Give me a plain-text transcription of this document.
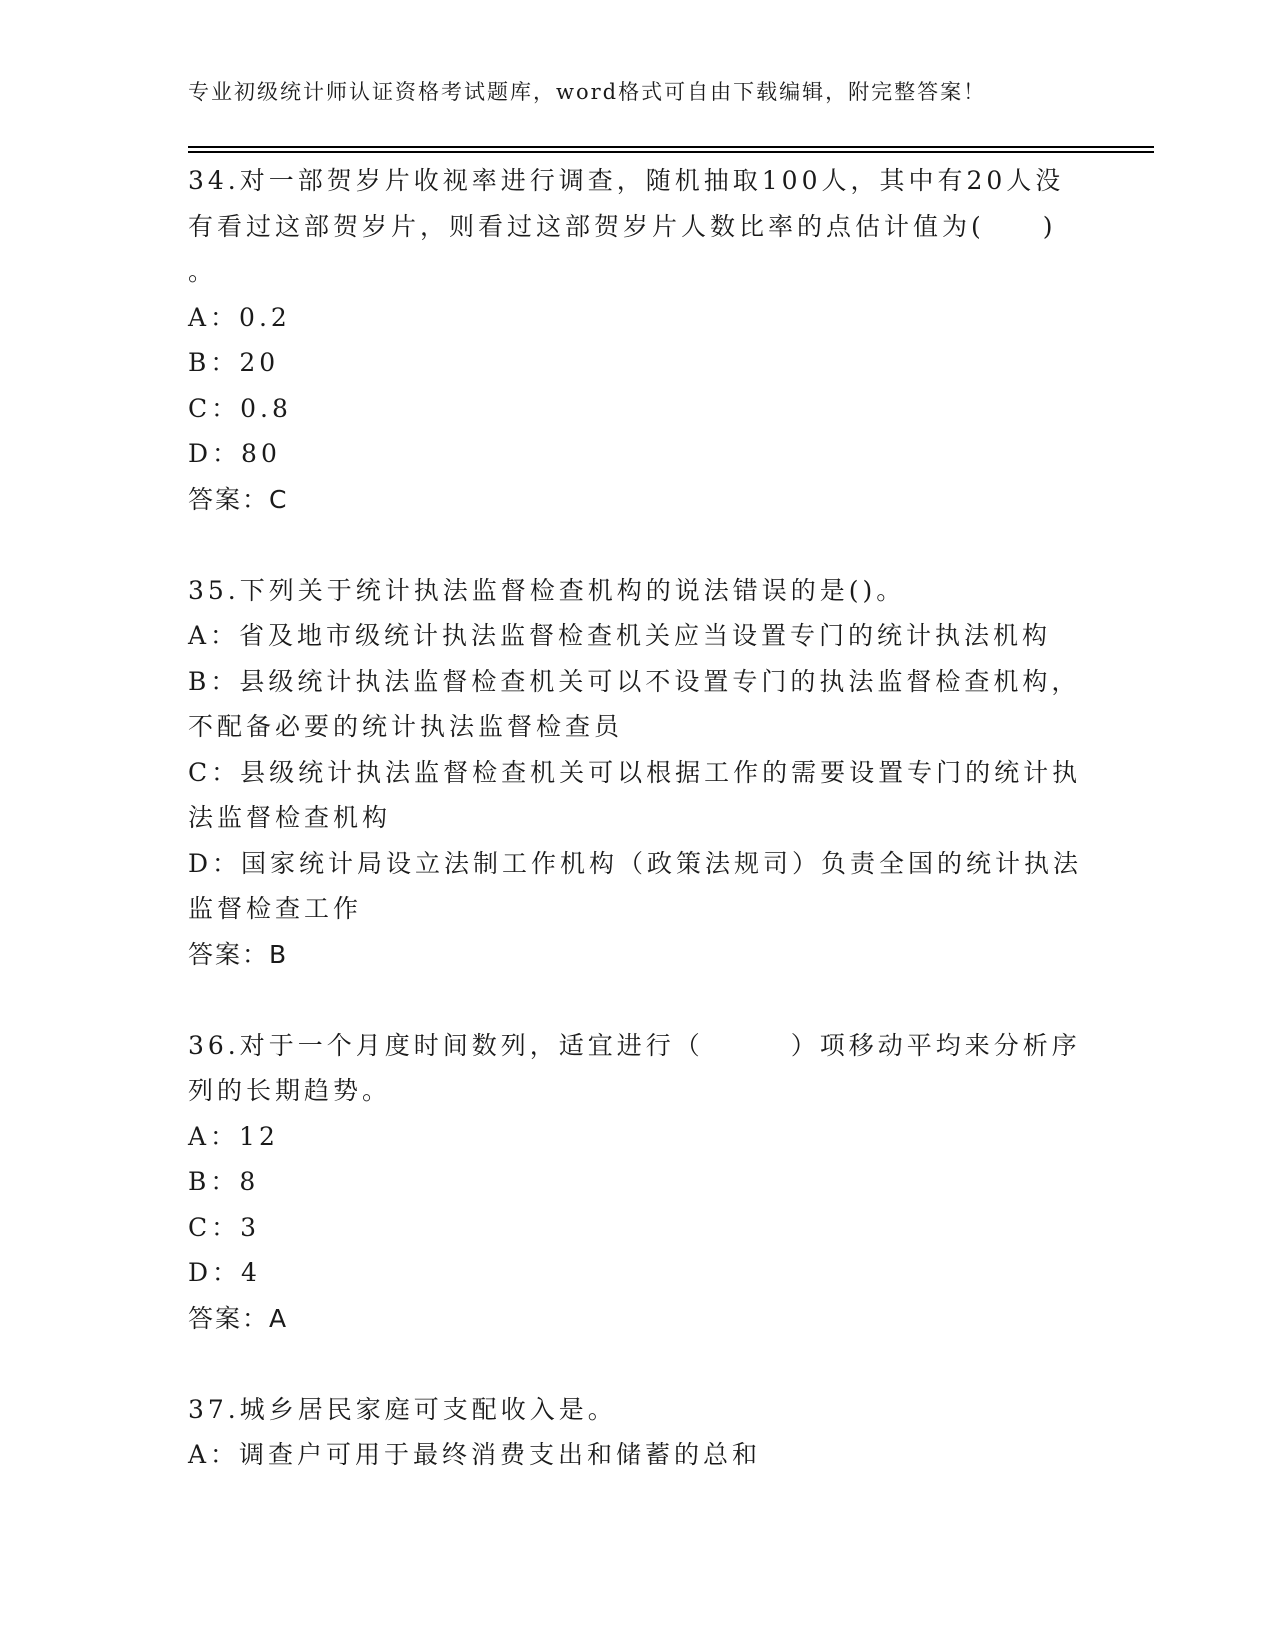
专业初级统计师认证资格考试题库，word格式可自由下载编辑，附完整答案！
34.对一部贺岁片收视率进行调查，随机抽取100人，其中有20人没
有看过这部贺岁片，则看过这部贺岁片人数比率的点估计值为(　　)
。
A：0.2
B：20
C：0.8
D：80
答案：C
35.下列关于统计执法监督检查机构的说法错误的是()。
A：省及地市级统计执法监督检查机关应当设置专门的统计执法机构
B：县级统计执法监督检查机关可以不设置专门的执法监督检查机构，
不配备必要的统计执法监督检查员
C：县级统计执法监督检查机关可以根据工作的需要设置专门的统计执
法监督检查机构
D：国家统计局设立法制工作机构（政策法规司）负责全国的统计执法
监督检查工作
答案：B
36.对于一个月度时间数列，适宜进行（　　　）项移动平均来分析序
列的长期趋势。
A：12
B：8
C：3
D：4
答案：A
37.城乡居民家庭可支配收入是。
A：调查户可用于最终消费支出和储蓄的总和
